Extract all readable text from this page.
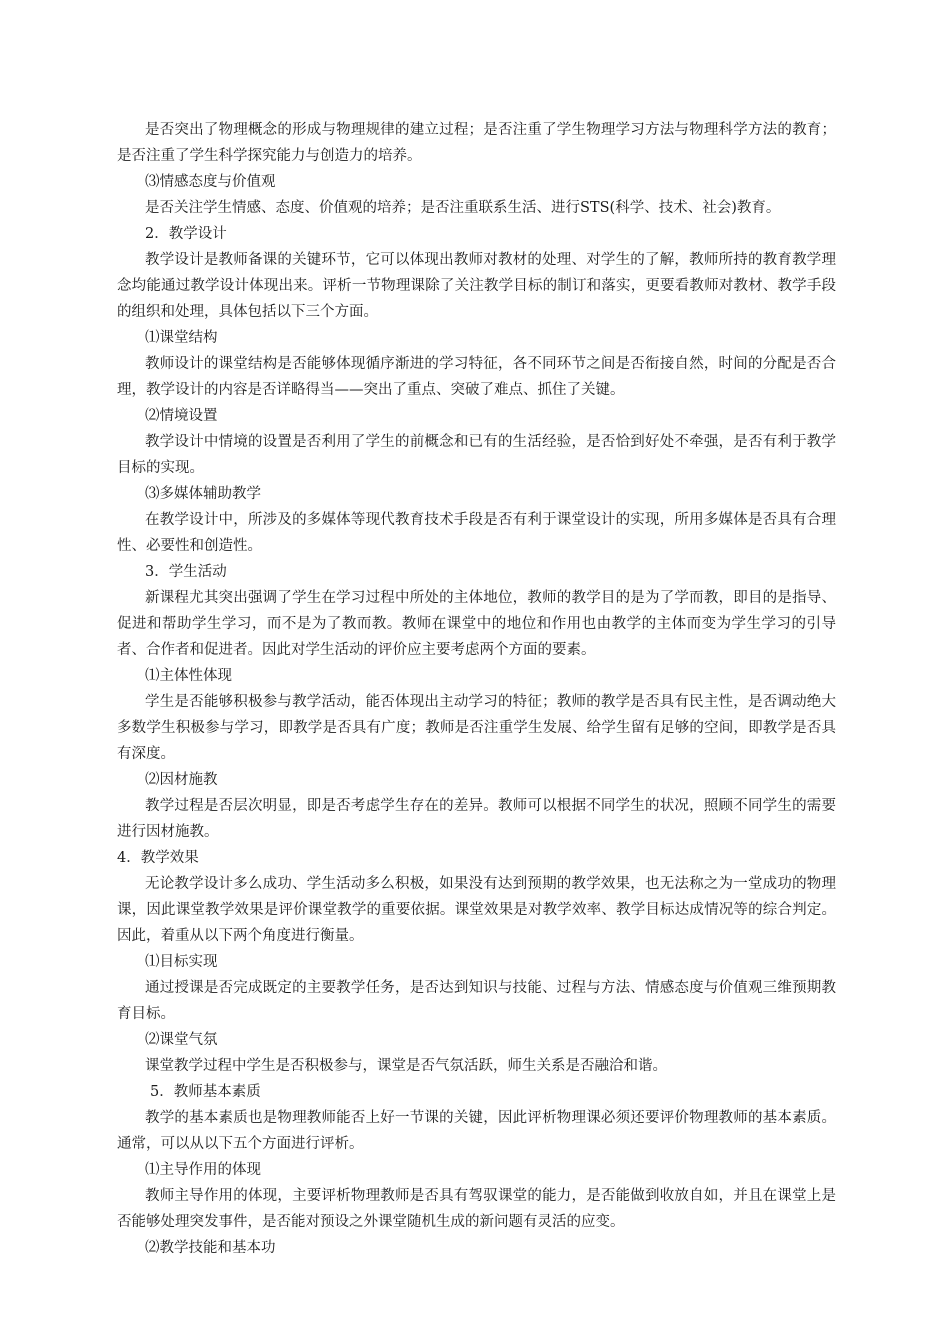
是否突出了物理概念的形成与物理规律的建立过程；是否注重了学生物理学习方法与物理科学方法的教育；是否注重了学生科学探究能力与创造力的培养。
⑶情感态度与价值观
是否关注学生情感、态度、价值观的培养；是否注重联系生活、进行STS(科学、技术、社会)教育。
2．教学设计
教学设计是教师备课的关键环节，它可以体现出教师对教材的处理、对学生的了解，教师所持的教育教学理念均能通过教学设计体现出来。评析一节物理课除了关注教学目标的制订和落实，更要看教师对教材、教学手段的组织和处理，具体包括以下三个方面。
⑴课堂结构
教师设计的课堂结构是否能够体现循序渐进的学习特征，各不同环节之间是否衔接自然，时间的分配是否合理，教学设计的内容是否详略得当——突出了重点、突破了难点、抓住了关键。
⑵情境设置
教学设计中情境的设置是否利用了学生的前概念和已有的生活经验，是否恰到好处不牵强，是否有利于教学目标的实现。
⑶多媒体辅助教学
在教学设计中，所涉及的多媒体等现代教育技术手段是否有利于课堂设计的实现，所用多媒体是否具有合理性、必要性和创造性。
3．学生活动
新课程尤其突出强调了学生在学习过程中所处的主体地位，教师的教学目的是为了学而教，即目的是指导、促进和帮助学生学习，而不是为了教而教。教师在课堂中的地位和作用也由教学的主体而变为学生学习的引导者、合作者和促进者。因此对学生活动的评价应主要考虑两个方面的要素。
⑴主体性体现
学生是否能够积极参与教学活动，能否体现出主动学习的特征；教师的教学是否具有民主性，是否调动绝大多数学生积极参与学习，即教学是否具有广度；教师是否注重学生发展、给学生留有足够的空间，即教学是否具有深度。
⑵因材施教
教学过程是否层次明显，即是否考虑学生存在的差异。教师可以根据不同学生的状况，照顾不同学生的需要进行因材施教。
4．教学效果
无论教学设计多么成功、学生活动多么积极，如果没有达到预期的教学效果，也无法称之为一堂成功的物理课，因此课堂教学效果是评价课堂教学的重要依据。课堂效果是对教学效率、教学目标达成情况等的综合判定。因此，着重从以下两个角度进行衡量。
⑴目标实现
通过授课是否完成既定的主要教学任务，是否达到知识与技能、过程与方法、情感态度与价值观三维预期教育目标。
⑵课堂气氛
课堂教学过程中学生是否积极参与，课堂是否气氛活跃，师生关系是否融洽和谐。
5．教师基本素质
教学的基本素质也是物理教师能否上好一节课的关键，因此评析物理课必须还要评价物理教师的基本素质。通常，可以从以下五个方面进行评析。
⑴主导作用的体现
教师主导作用的体现，主要评析物理教师是否具有驾驭课堂的能力，是否能做到收放自如，并且在课堂上是否能够处理突发事件，是否能对预设之外课堂随机生成的新问题有灵活的应变。
⑵教学技能和基本功
